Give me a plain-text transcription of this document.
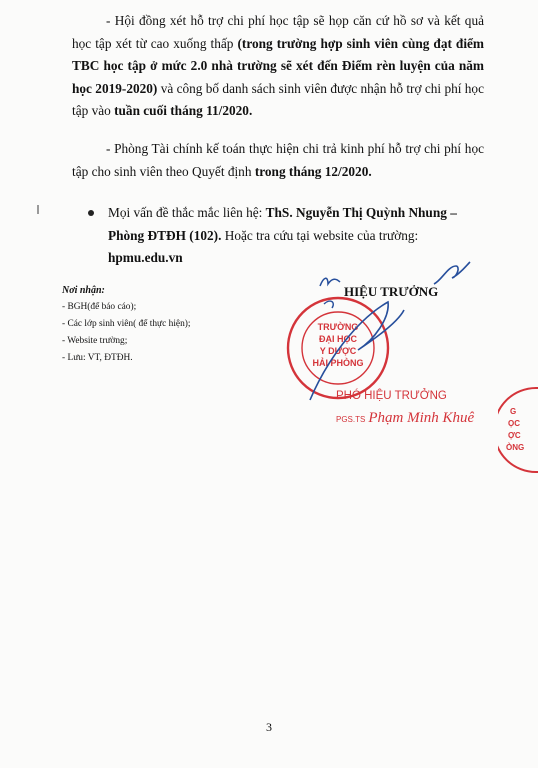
- Hội đồng xét hỗ trợ chi phí học tập sẽ họp căn cứ hồ sơ và kết quả học tập xét từ cao xuống thấp (trong trường hợp sinh viên cùng đạt điểm TBC học tập ở mức 2.0 nhà trường sẽ xét đến Điểm rèn luyện của năm học 2019-2020) và công bố danh sách sinh viên được nhận hỗ trợ chi phí học tập vào tuần cuối tháng 11/2020.

- Phòng Tài chính kế toán thực hiện chi trả kinh phí hỗ trợ chi phí học tập cho sinh viên theo Quyết định trong tháng 12/2020.

Mọi vấn đề thắc mắc liên hệ: ThS. Nguyễn Thị Quỳnh Nhung – Phòng ĐTĐH (102). Hoặc tra cứu tại website của trường: hpmu.edu.vn
Nơi nhận:
- BGH(để báo cáo);
- Các lớp sinh viên( để thực hiện);
- Website trường;
- Lưu: VT, ĐTĐH.
HIỆU TRƯỞNG
TRƯỜNG
ĐẠI HỌC
Y DƯỢC
HẢI PHÒNG
PHÓ HIỆU TRƯỞNG
PGS.TS Phạm Minh Khuê	G
ỌC
ỢC
ÒNG
3
